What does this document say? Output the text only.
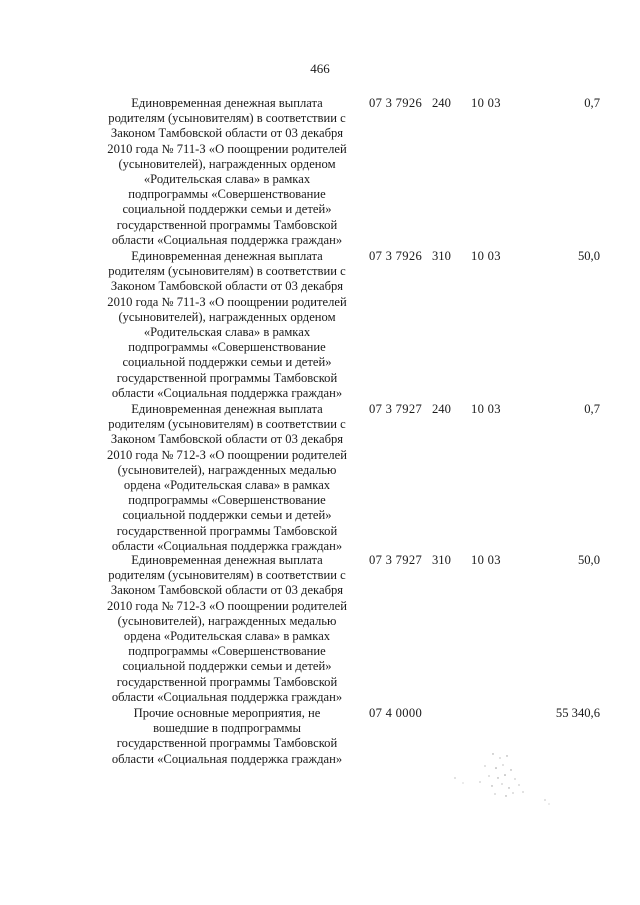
466
Единовременная денежная выплата
родителям (усыновителям) в соответствии с
Законом Тамбовской области от 03 декабря
2010 года № 711-З «О поощрении родителей
(усыновителей), награжденных орденом
«Родительская слава» в рамках
подпрограммы «Совершенствование
социальной поддержки семьи и детей»
государственной программы Тамбовской
области «Социальная поддержка граждан»
07 3 7926 240 10 03	0,7
Единовременная денежная выплата
родителям (усыновителям) в соответствии с
Законом Тамбовской области от 03 декабря
2010 года № 711-З «О поощрении родителей
(усыновителей), награжденных орденом
«Родительская слава» в рамках
подпрограммы «Совершенствование
социальной поддержки семьи и детей»
государственной программы Тамбовской
области «Социальная поддержка граждан»
07 3 7926 310 10 03	50,0
Единовременная денежная выплата
родителям (усыновителям) в соответствии с
Законом Тамбовской области от 03 декабря
2010 года № 712-З «О поощрении родителей
(усыновителей), награжденных медалью
ордена «Родительская слава» в рамках
подпрограммы «Совершенствование
социальной поддержки семьи и детей»
государственной программы Тамбовской
области «Социальная поддержка граждан»
07 3 7927 240 10 03	0,7
Единовременная денежная выплата
родителям (усыновителям) в соответствии с
Законом Тамбовской области от 03 декабря
2010 года № 712-З «О поощрении родителей
(усыновителей), награжденных медалью
ордена «Родительская слава» в рамках
подпрограммы «Совершенствование
социальной поддержки семьи и детей»
государственной программы Тамбовской
области «Социальная поддержка граждан»
07 3 7927 310 10 03	50,0
Прочие основные мероприятия, не
вошедшие в подпрограммы
государственной программы Тамбовской
области «Социальная поддержка граждан»
07 4 0000	55 340,6
